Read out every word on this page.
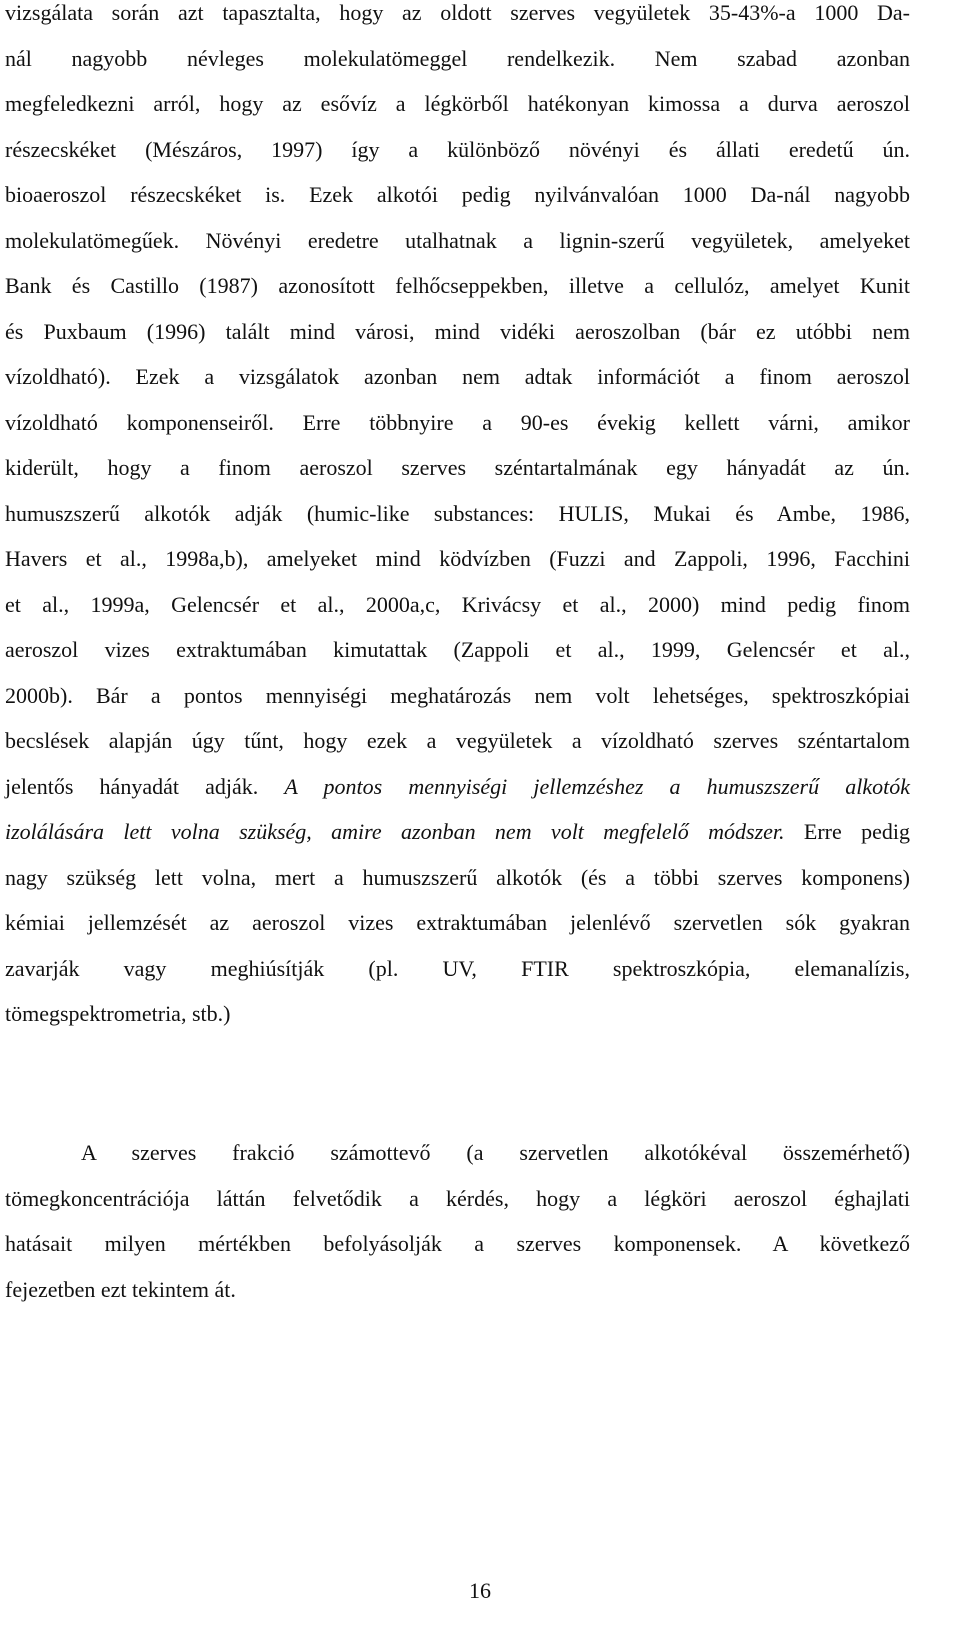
vizsgálata során azt tapasztalta, hogy az oldott szerves vegyületek 35-43%-a 1000 Da-
nál nagyobb névleges molekulatömeggel rendelkezik. Nem szabad azonban
megfeledkezni arról, hogy az esővíz a légkörből hatékonyan kimossa a durva aeroszol
részecskéket (Mészáros, 1997) így a különböző növényi és állati eredetű ún.
bioaeroszol részecskéket is. Ezek alkotói pedig nyilvánvalóan 1000 Da-nál nagyobb
molekulatömegűek. Növényi eredetre utalhatnak a lignin-szerű vegyületek, amelyeket
Bank és Castillo (1987) azonosított felhőcseppekben, illetve a cellulóz, amelyet Kunit
és Puxbaum (1996) talált mind városi, mind vidéki aeroszolban (bár ez utóbbi nem
vízoldható). Ezek a vizsgálatok azonban nem adtak információt a finom aeroszol
vízoldható komponenseiről. Erre többnyire a 90-es évekig kellett várni, amikor
kiderült, hogy a finom aeroszol szerves széntartalmának egy hányadát az ún.
humuszszerű alkotók adják (humic-like substances: HULIS, Mukai és Ambe, 1986,
Havers et al., 1998a,b), amelyeket mind ködvízben (Fuzzi and Zappoli, 1996, Facchini
et al., 1999a, Gelencsér et al., 2000a,c, Krivácsy et al., 2000) mind pedig finom
aeroszol vizes extraktumában kimutattak (Zappoli et al., 1999, Gelencsér et al.,
2000b). Bár a pontos mennyiségi meghatározás nem volt lehetséges, spektroszkópiai
becslések alapján úgy tűnt, hogy ezek a vegyületek a vízoldható szerves széntartalom
jelentős hányadát adják. A pontos mennyiségi jellemzéshez a humuszszerű alkotók
izolálására lett volna szükség, amire azonban nem volt megfelelő módszer. Erre pedig
nagy szükség lett volna, mert a humuszszerű alkotók (és a többi szerves komponens)
kémiai jellemzését az aeroszol vizes extraktumában jelenlévő szervetlen sók gyakran
zavarják vagy meghiúsítják (pl. UV, FTIR spektroszkópia, elemanalízis,
tömegspektrometria, stb.)
A szerves frakció számottevő (a szervetlen alkotókéval összemérhető)
tömegkoncentrációja láttán felvetődik a kérdés, hogy a légköri aeroszol éghajlati
hatásait milyen mértékben befolyásolják a szerves komponensek. A következő
fejezetben ezt tekintem át.
16
